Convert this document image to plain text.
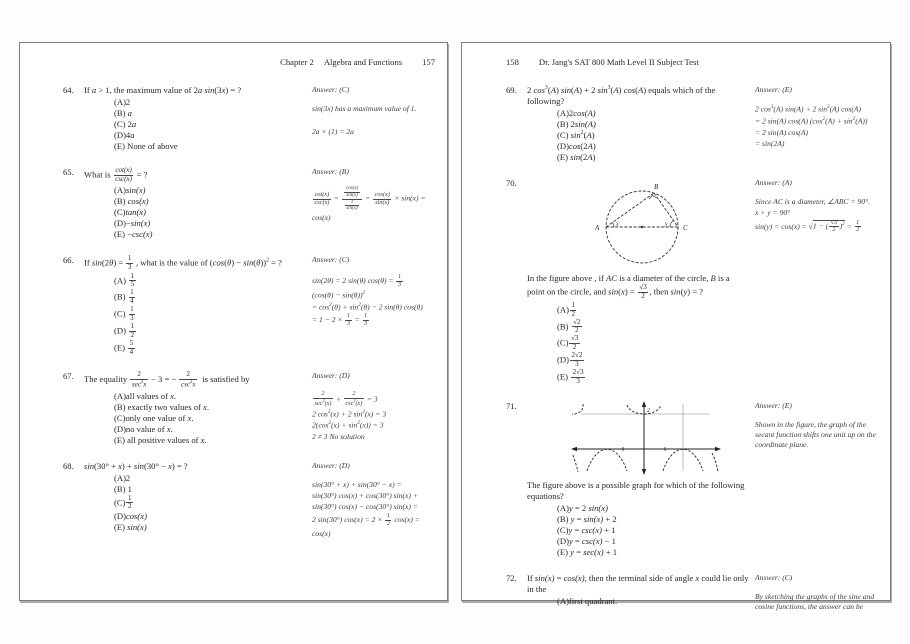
Chapter 2 Algebra and Functions 157
64.	If a > 1, the maximum value of 2a sin(3x) = ?
(A)2
(B) a
(C) 2a
(D)4a
(E) None of above
Answer: (C)
sin(3x) has a maximum value of 1.

2a × (1) = 2a
65.	What is cot(x)
csc(x) = ?
(A)sin(x)
(B) cos(x)
(C)tan(x)
(D)−sin(x)
(E) −csc(x)
Answer: (B)
cot(x)
$\csc(x) = \frac{\frac{\cos(x)}{\sin(x)}}{\frac{1}{\sin(x)}} = \frac{\cos(x)}{\sin(x)} \times \sin(x)$ =
cos(x)
66.	If $\sin(2\theta) = \frac{1}{3}$ , what is the value of $(\cos(\theta) - \sin(\theta))^2$ = ?
$(A) \frac{1}{5}$
$(B) \frac{1}{4}$
$(C) \frac{1}{3}$
$(D) \frac{1}{2}$
$(E) \frac{5}{4}$
Answer: (C)
sin(2θ) = 2 sin(θ) $\cos(\theta) = \frac{1}{3}$
$(\cos(\theta) - \sin(\theta))^2$
= $\cos^2(\theta) + \sin^2(\theta) - 2$ sin(θ) cos(θ)
= $1 - 2 \times \frac{1}{3} = \frac{1}{3}$
67.	The equality
2
$\sec^2x$
− 3 = −
2
$\csc^2x$
is satisfied by
(A)all values of x.
(B) exactly two values of x.
(C)only one value of x.
(D)no value of x.
(E) all positive values of x.
Answer: (D)
2
$\sec^2(x)$
+
2
$\csc^2(x)$
= 3
2 $\cos^2(x) + 2$ $\sin^2(x) = 3$
$2(\cos^2(x) + \sin^2(x)) = 3$
2 ≠ 3 No solution
68.	sin(30° + x) + sin(30° − x) = ?
(A)2
(B) 1
$(C) \frac{1}{2}$
(D)cos(x)
(E) sin(x)
Answer: (D)
sin(30° + x) + sin(30° − x) =
sin(30°) cos(x) + cos(30°) sin(x) +
sin(30°) cos(x) − cos(30°) sin(x) =
2 sin(30°) $\cos(x) = 2 \times \frac{1}{2} \cos(x)$ =
cos(x)
158 Dr. Jang's SAT 800 Math Level II Subject Test
69.	2 $\cos^3(A) \sin(A) + 2$ $\sin^3(A)$ cos(A) equals which of the following?
(A)2cos(A)
(B) 2sin(A)
(C) $\sin^2(A)$
(D)cos(2A)
(E) sin(2A)
Answer: (E)
2 $\cos^3(A) \sin(A) + 2$ $\sin^3(A)$ cos(A)
= 2 sin(A) cos(A) $(\cos^2(A) + \sin^2(A))$
= 2 sin(A) cos(A)
= sin(2A)
70.
A
B
C
x	y
In the figure above , if AC is a diameter of the circle, B is a point on the circle, and $\sin(x) = \frac{√3}{2}$ , then sin(y) = ?
$(A) \frac{1}{2}$
$(B) \frac{√2}{2}$
$(C) \frac{√3}{2}$
$(D) \frac{2√2}{3}$
$(E) \frac{2√3}{3}$
Answer: (A)
Since AC is a diameter, ∠ABC = 90°.
x + y = 90°
sin(y) = cos(x) = √1 − ( $\frac{√3}{2} )^2 = \frac{1}{2}$
71.	2
The figure above is a possible graph for which of the following equations?
(A)y = 2 sin(x)
(B) y = sin(x) + 2
(C)y = csc(x) + 1
(D)y = csc(x) − 1
(E) y = sec(x) + 1
Answer: (E)
Shown in the figure, the graph of the secant function shifts one unit up on the coordinate plane.
72.	If sin(x) = cos(x), then the terminal side of angle x could lie only in the
(A)first quadrant.
Answer: (C)
By sketching the graphs of the sine and cosine functions, the answer can be
